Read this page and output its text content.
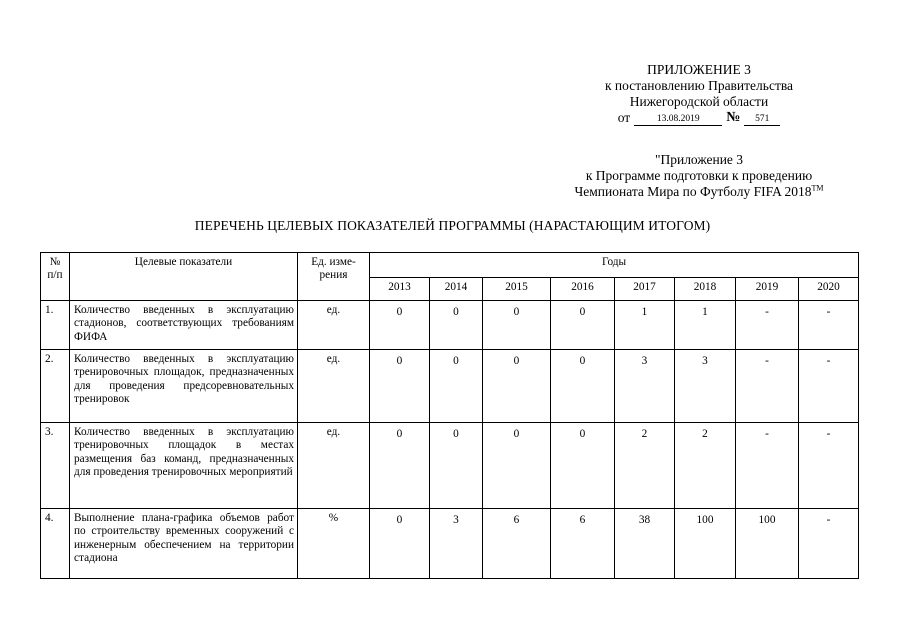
ПРИЛОЖЕНИЕ 3
к постановлению Правительства
Нижегородской области
от	13.08.2019	№	571
"Приложение 3
к Программе подготовки к проведению
Чемпионата Мира по Футболу FIFA 2018™
ПЕРЕЧЕНЬ ЦЕЛЕВЫХ ПОКАЗАТЕЛЕЙ ПРОГРАММЫ (НАРАСТАЮЩИМ ИТОГОМ)
№ п/п	Целевые показатели	Ед. изме-рения	Годы							
			2013	2014	2015	2016	2017	2018	2019	2020
1.	Количество введенных в эксплуатацию стадионов, соответствующих требованиям ФИФА	ед.	0	0	0	0	1	1	-	-
2.	Количество введенных в эксплуатацию тренировочных площадок, предназначенных для проведения предсоревновательных тренировок	ед.	0	0	0	0	3	3	-	-
3.	Количество введенных в эксплуатацию тренировочных площадок в местах размещения баз команд, предназначенных для проведения тренировочных мероприятий	ед.	0	0	0	0	2	2	-	-
4.	Выполнение плана-графика объемов работ по строительству временных сооружений с инженерным обеспечением на территории стадиона	%	0	3	6	6	38	100	100	-
